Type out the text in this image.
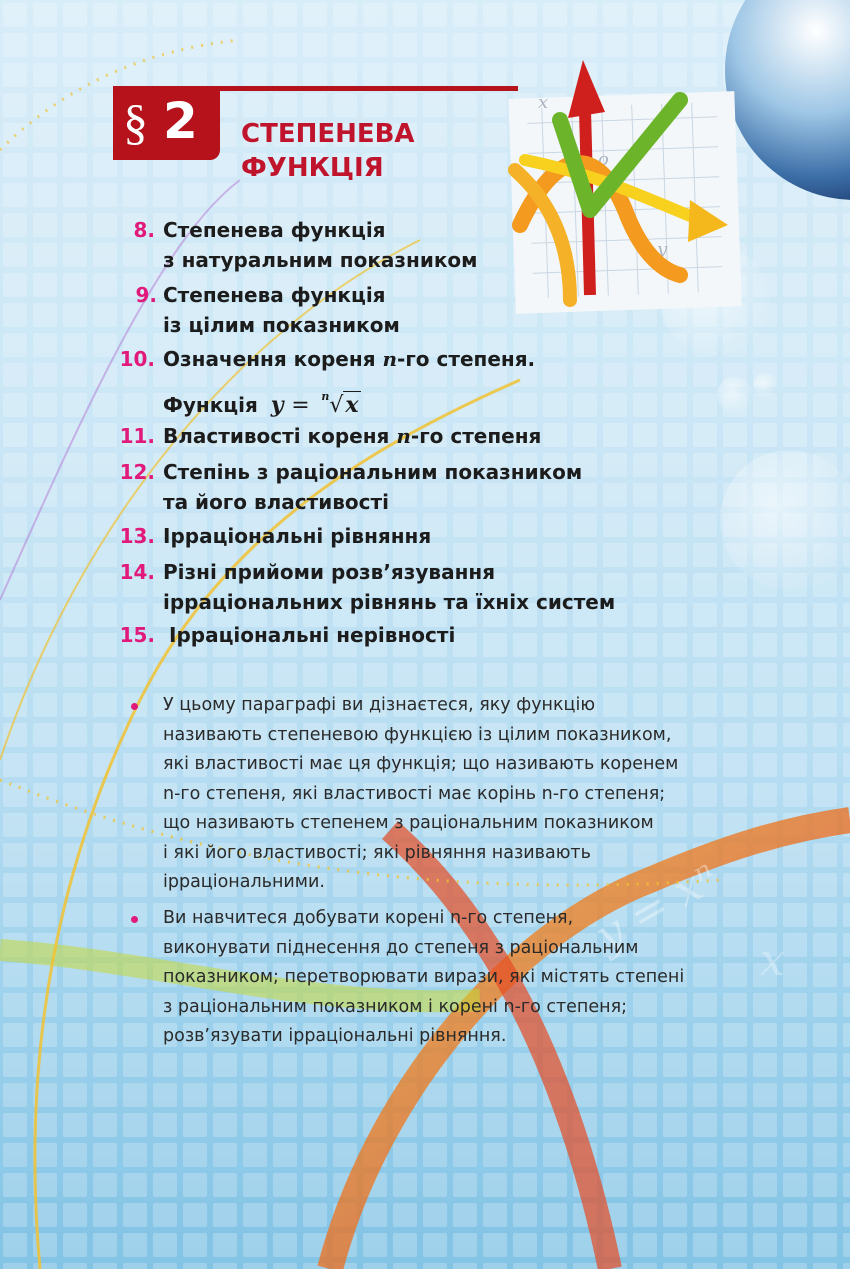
x
o
y
y = xⁿ x
§ 2 СТЕПЕНЕВА
ФУНКЦІЯ
8. Степенева функція
з натуральним показником
9. Степенева функція
із цілим показником
10. Означення кореня n-го степеня.
Функція y = $^n$√x
11. Властивості кореня n-го степеня
12. Степінь з раціональним показником
та його властивості
13. Ірраціональні рівняння
14. Різні прийоми розв’язування
ірраціональних рівнянь та їхніх систем
15. Ірраціональні нерівності
У цьому параграфі ви дізнаєтеся, яку функцію
називають степеневою функцією із цілим показником,
які властивості має ця функція; що називають коренем
n-го степеня, які властивості має корінь n-го степеня;
що називають степенем з раціональним показником
і які його властивості; які рівняння називають
ірраціональними.
Ви навчитеся добувати корені n-го степеня,
виконувати піднесення до степеня з раціональним
показником; перетворювати вирази, які містять степені
з раціональним показником і корені n-го степеня;
розв’язувати ірраціональні рівняння.
